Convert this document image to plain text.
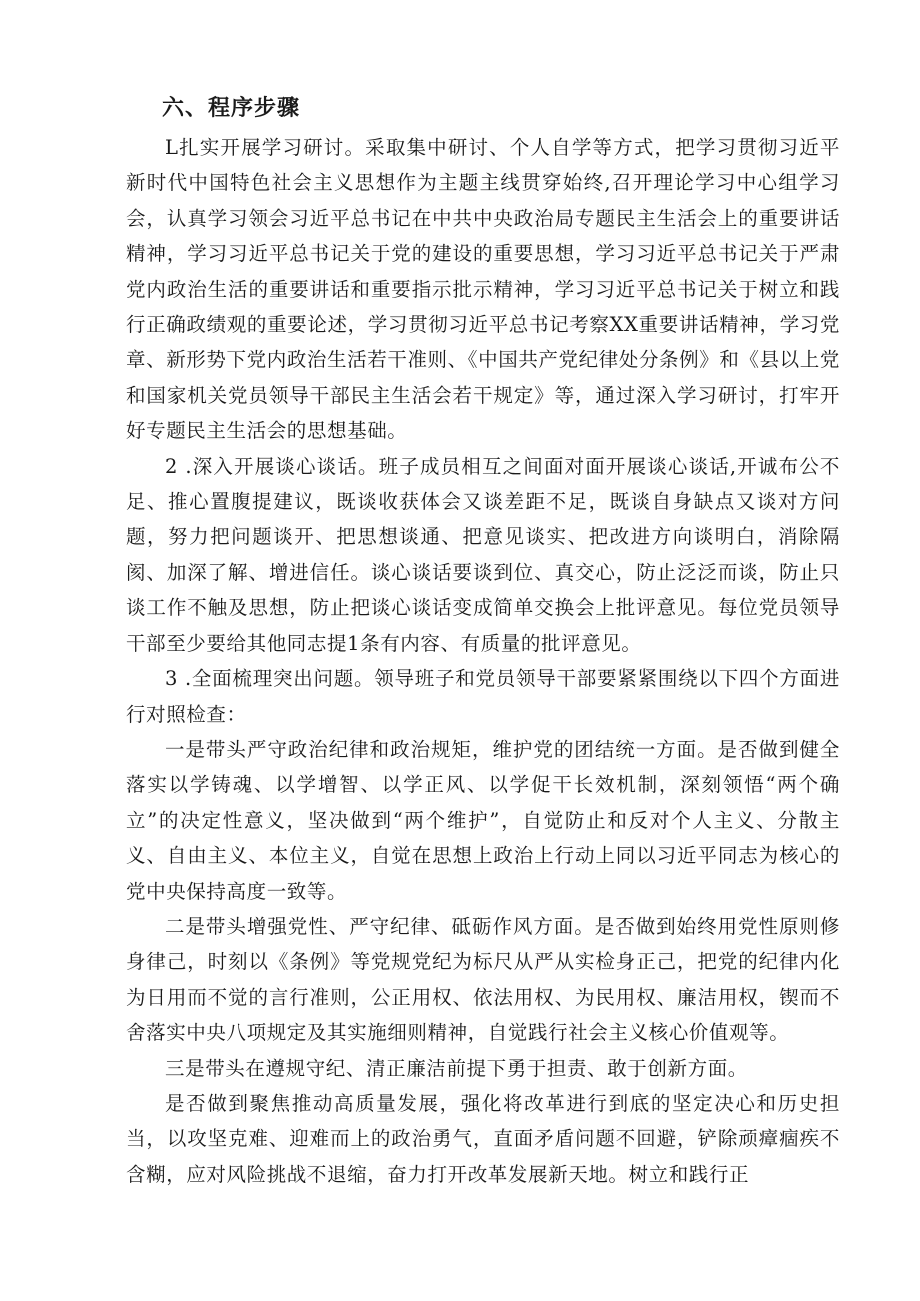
六、程序步骤

L扎实开展学习研讨。采取集中研讨、个人自学等方式，把学习贯彻习近平新时代中国特色社会主义思想作为主题主线贯穿始终,召开理论学习中心组学习会，认真学习领会习近平总书记在中共中央政治局专题民主生活会上的重要讲话精神，学习习近平总书记关于党的建设的重要思想，学习习近平总书记关于严肃党内政治生活的重要讲话和重要指示批示精神，学习习近平总书记关于树立和践行正确政绩观的重要论述，学习贯彻习近平总书记考察XX重要讲话精神，学习党章、新形势下党内政治生活若干准则、《中国共产党纪律处分条例》和《县以上党和国家机关党员领导干部民主生活会若干规定》等，通过深入学习研讨，打牢开好专题民主生活会的思想基础。

2 .深入开展谈心谈话。班子成员相互之间面对面开展谈心谈话,开诚布公不足、推心置腹提建议，既谈收获体会又谈差距不足，既谈自身缺点又谈对方问题，努力把问题谈开、把思想谈通、把意见谈实、把改进方向谈明白，消除隔阂、加深了解、增进信任。谈心谈话要谈到位、真交心，防止泛泛而谈，防止只谈工作不触及思想，防止把谈心谈话变成简单交换会上批评意见。每位党员领导干部至少要给其他同志提1条有内容、有质量的批评意见。

3 .全面梳理突出问题。领导班子和党员领导干部要紧紧围绕以下四个方面进行对照检查：

一是带头严守政治纪律和政治规矩，维护党的团结统一方面。是否做到健全落实以学铸魂、以学增智、以学正风、以学促干长效机制，深刻领悟“两个确立”的决定性意义，坚决做到“两个维护”，自觉防止和反对个人主义、分散主义、自由主义、本位主义，自觉在思想上政治上行动上同以习近平同志为核心的党中央保持高度一致等。

二是带头增强党性、严守纪律、砥砺作风方面。是否做到始终用党性原则修身律己，时刻以《条例》等党规党纪为标尺从严从实检身正己，把党的纪律内化为日用而不觉的言行准则，公正用权、依法用权、为民用权、廉洁用权，锲而不舍落实中央八项规定及其实施细则精神，自觉践行社会主义核心价值观等。

三是带头在遵规守纪、清正廉洁前提下勇于担责、敢于创新方面。

是否做到聚焦推动高质量发展，强化将改革进行到底的坚定决心和历史担当，以攻坚克难、迎难而上的政治勇气，直面矛盾问题不回避，铲除顽瘴痼疾不含糊，应对风险挑战不退缩，奋力打开改革发展新天地。树立和践行正
